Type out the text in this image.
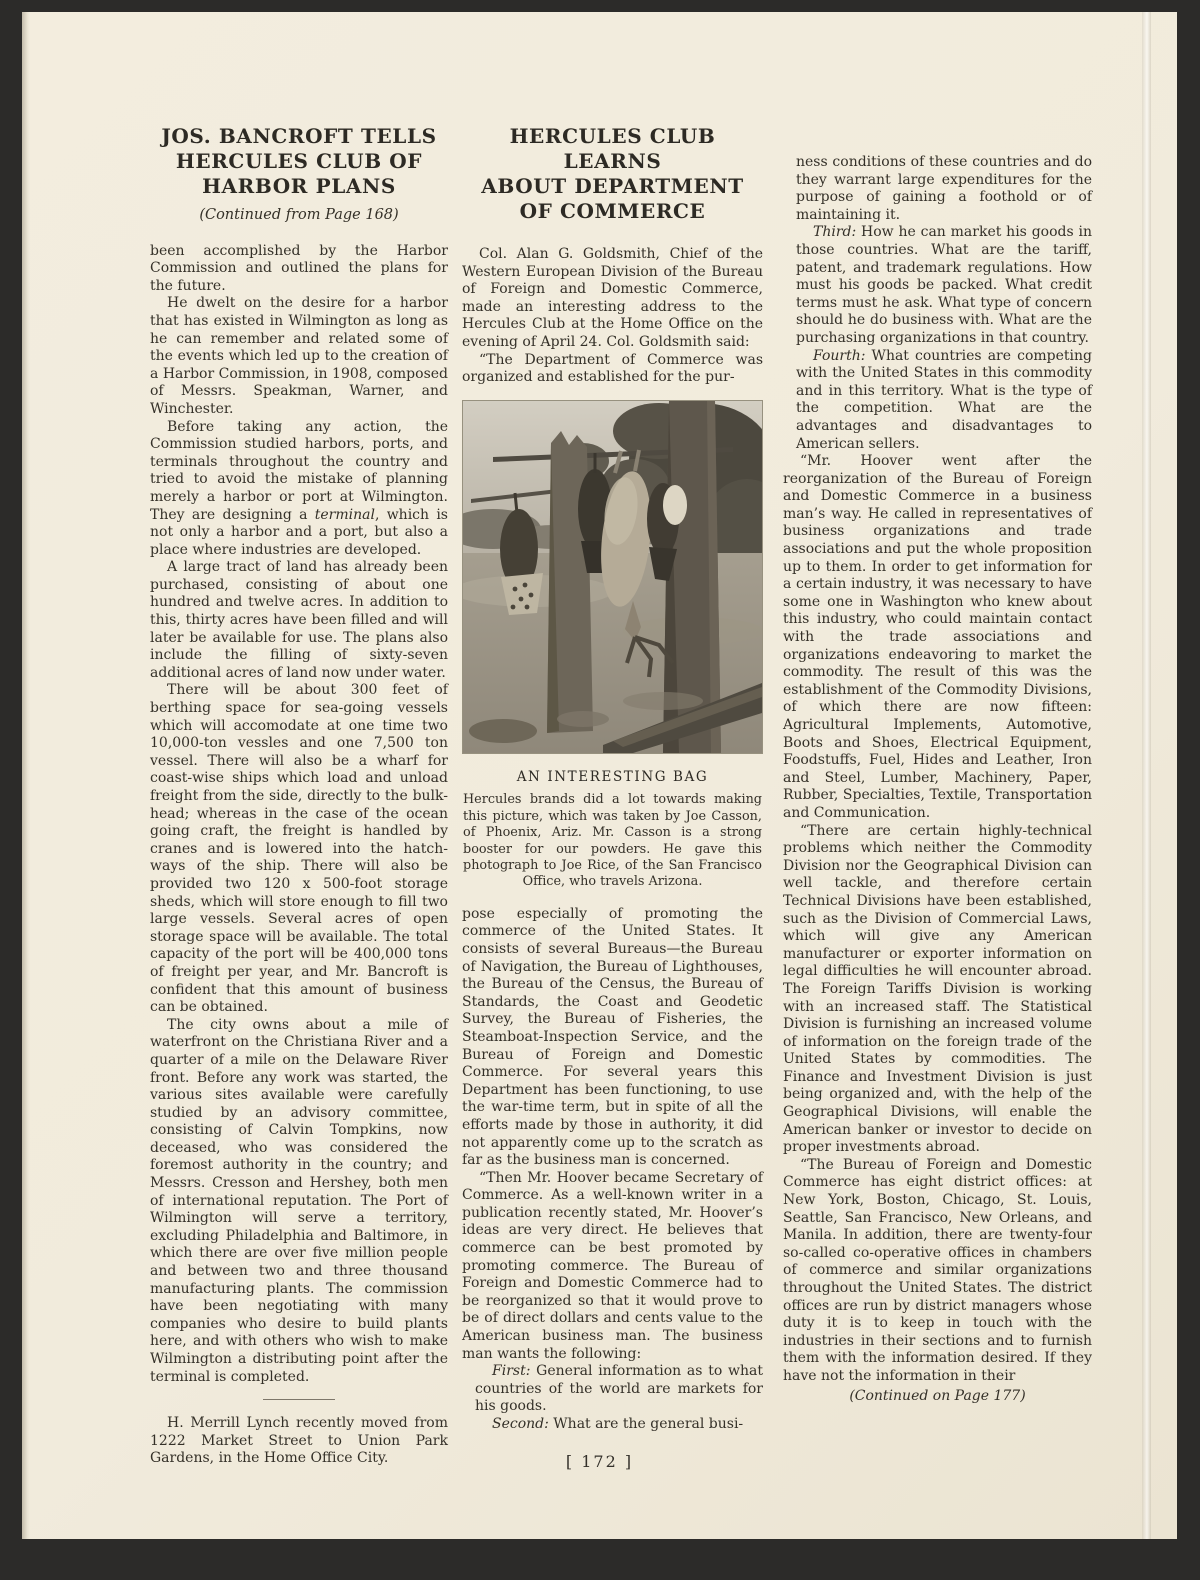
JOS. BANCROFT TELLS
HERCULES CLUB OF
HARBOR PLANS
(Continued from Page 168)

been accomplished by the Harbor Commission and outlined the plans for the future.

He dwelt on the desire for a harbor that has existed in Wilmington as long as he can remember and related some of the events which led up to the creation of a Harbor Commission, in 1908, composed of Messrs. Speakman, Warner, and Winchester.

Before taking any action, the Commission studied harbors, ports, and terminals throughout the country and tried to avoid the mistake of planning merely a harbor or port at Wilmington. They are designing a terminal, which is not only a harbor and a port, but also a place where industries are developed.

A large tract of land has already been purchased, consisting of about one hundred and twelve acres. In addition to this, thirty acres have been filled and will later be available for use. The plans also include the filling of sixty-seven additional acres of land now under water.

There will be about 300 feet of berthing space for sea-going vessels which will accomodate at one time two 10,000-ton vessles and one 7,500 ton vessel. There will also be a wharf for coast-wise ships which load and unload freight from the side, directly to the bulk-head; whereas in the case of the ocean going craft, the freight is handled by cranes and is lowered into the hatch-ways of the ship. There will also be provided two 120 x 500-foot storage sheds, which will store enough to fill two large vessels. Several acres of open storage space will be available. The total capacity of the port will be 400,000 tons of freight per year, and Mr. Bancroft is confident that this amount of business can be obtained.

The city owns about a mile of waterfront on the Christiana River and a quarter of a mile on the Delaware River front. Before any work was started, the various sites available were carefully studied by an advisory committee, consisting of Calvin Tompkins, now deceased, who was considered the foremost authority in the country; and Messrs. Cresson and Hershey, both men of international reputation. The Port of Wilmington will serve a territory, excluding Philadelphia and Baltimore, in which there are over five million people and between two and three thousand manufacturing plants. The commission have been negotiating with many companies who desire to build plants here, and with others who wish to make Wilmington a distributing point after the terminal is completed.

H. Merrill Lynch recently moved from 1222 Market Street to Union Park Gardens, in the Home Office City.

HERCULES CLUB LEARNS
ABOUT DEPARTMENT
OF COMMERCE

Col. Alan G. Goldsmith, Chief of the Western European Division of the Bureau of Foreign and Domestic Commerce, made an interesting address to the Hercules Club at the Home Office on the evening of April 24. Col. Goldsmith said:

“The Department of Commerce was organized and established for the pur-

AN INTERESTING BAG
Hercules brands did a lot towards making this picture, which was taken by Joe Casson, of Phoenix, Ariz. Mr. Casson is a strong booster for our powders. He gave this photograph to Joe Rice, of the San Francisco Office, who travels Arizona.

pose especially of promoting the commerce of the United States. It consists of several Bureaus—the Bureau of Navigation, the Bureau of Lighthouses, the Bureau of the Census, the Bureau of Standards, the Coast and Geodetic Survey, the Bureau of Fisheries, the Steamboat-Inspection Service, and the Bureau of Foreign and Domestic Commerce. For several years this Department has been functioning, to use the war-time term, but in spite of all the efforts made by those in authority, it did not apparently come up to the scratch as far as the business man is concerned.

“Then Mr. Hoover became Secretary of Commerce. As a well-known writer in a publication recently stated, Mr. Hoover’s ideas are very direct. He believes that commerce can be best promoted by promoting commerce. The Bureau of Foreign and Domestic Commerce had to be reorganized so that it would prove to be of direct dollars and cents value to the American business man. The business man wants the following:

First: General information as to what countries of the world are markets for his goods.

Second: What are the general busi-

ness conditions of these countries and do they warrant large expenditures for the purpose of gaining a foothold or of maintaining it.

Third: How he can market his goods in those countries. What are the tariff, patent, and trademark regulations. How must his goods be packed. What credit terms must he ask. What type of concern should he do business with. What are the purchasing organizations in that country.

Fourth: What countries are competing with the United States in this commodity and in this territory. What is the type of the competition. What are the advantages and disadvantages to American sellers.

“Mr. Hoover went after the reorganization of the Bureau of Foreign and Domestic Commerce in a business man’s way. He called in representatives of business organizations and trade associations and put the whole proposition up to them. In order to get information for a certain industry, it was necessary to have some one in Washington who knew about this industry, who could maintain contact with the trade associations and organizations endeavoring to market the commodity. The result of this was the establishment of the Commodity Divisions, of which there are now fifteen: Agricultural Implements, Automotive, Boots and Shoes, Electrical Equipment, Foodstuffs, Fuel, Hides and Leather, Iron and Steel, Lumber, Machinery, Paper, Rubber, Specialties, Textile, Transportation and Communication.

“There are certain highly-technical problems which neither the Commodity Division nor the Geographical Division can well tackle, and therefore certain Technical Divisions have been established, such as the Division of Commercial Laws, which will give any American manufacturer or exporter information on legal difficulties he will encounter abroad. The Foreign Tariffs Division is working with an increased staff. The Statistical Division is furnishing an increased volume of information on the foreign trade of the United States by commodities. The Finance and Investment Division is just being organized and, with the help of the Geographical Divisions, will enable the American banker or investor to decide on proper investments abroad.

“The Bureau of Foreign and Domestic Commerce has eight district offices: at New York, Boston, Chicago, St. Louis, Seattle, San Francisco, New Orleans, and Manila. In addition, there are twenty-four so-called co-operative offices in chambers of commerce and similar organizations throughout the United States. The district offices are run by district managers whose duty it is to keep in touch with the industries in their sections and to furnish them with the information desired. If they have not the information in their

(Continued on Page 177)
[ 172 ]
